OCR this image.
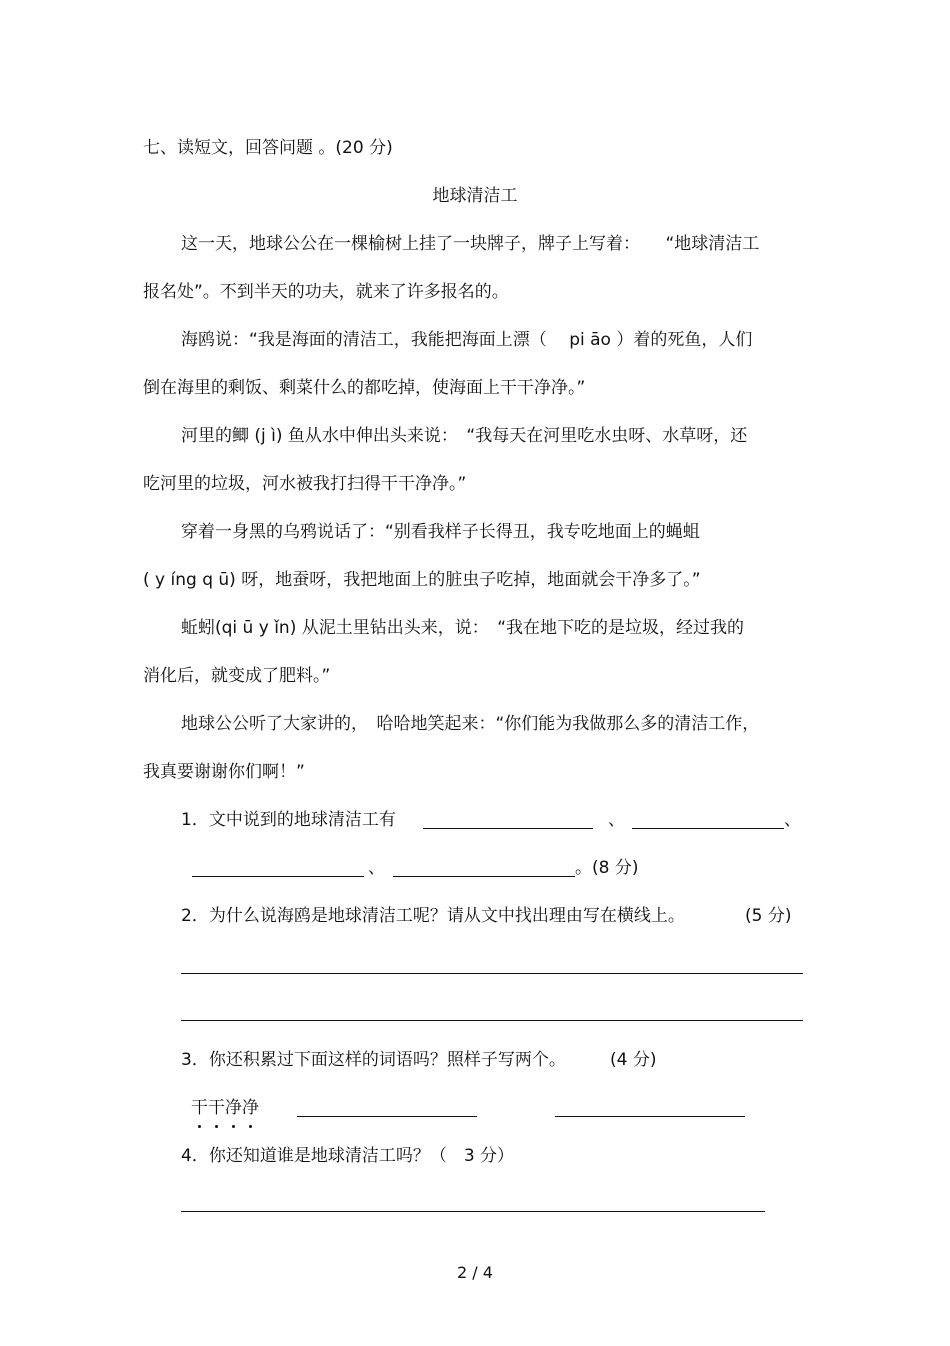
七、读短文，回答问题 。(20 分)
地球清洁工
这一天，地球公公在一棵榆树上挂了一块牌子，牌子上写着：　　“地球清洁工
报名处”。不到半天的功夫，就来了许多报名的。
海鸥说：“我是海面的清洁工，我能把海面上漂（　 pi āo ）着的死鱼，人们
倒在海里的剩饭、剩菜什么的都吃掉，使海面上干干净净。”
河里的鲫 (j ì) 鱼从水中伸出头来说：　“我每天在河里吃水虫呀、水草呀，还
吃河里的垃圾，河水被我打扫得干干净净。”
穿着一身黑的乌鸦说话了：“别看我样子长得丑，我专吃地面上的蝇蛆
( y íng q ū) 呀，地蚕呀，我把地面上的脏虫子吃掉，地面就会干净多了。”
蚯蚓(qi ū y ǐn) 从泥土里钻出头来，说：　“我在地下吃的是垃圾，经过我的
消化后，就变成了肥料。”
地球公公听了大家讲的，　哈哈地笑起来：“你们能为我做那么多的清洁工作，
我真要谢谢你们啊！”
1．文中说到的地球清洁工有	、	、
、	。(8 分)
2．为什么说海鸥是地球清洁工呢？请从文中找出理由写在横线上。	(5 分)
3．你还积累过下面这样的词语吗？照样子写两个。	(4 分)
干干净净
4．你还知道谁是地球清洁工吗？（　3 分）
2 / 4
